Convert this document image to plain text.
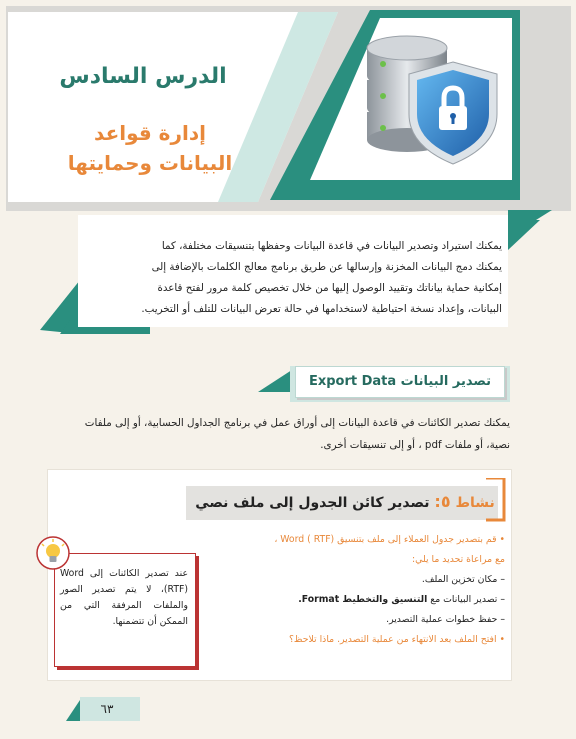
الدرس السادس
إدارة قواعد
البيانات وحمايتها
يمكنك استيراد وتصدير البيانات في قاعدة البيانات وحفظها بتنسيقات مختلفة، كما
يمكنك دمج البيانات المخزنة وإرسالها عن طريق برنامج معالج الكلمات بالإضافة إلى
إمكانية حماية بياناتك وتقييد الوصول إليها من خلال تخصيص كلمة مرور لفتح قاعدة
البيانات، وإعداد نسخة احتياطية لاستخدامها في حالة تعرض البيانات للتلف أو التخريب.
تصدير البيانات Export Data
يمكنك تصدير الكائنات في قاعدة البيانات إلى أوراق عمل في برنامج الجداول الحسابية، أو إلى ملفات
نصية، أو ملفات pdf ، أو إلى تنسيقات أخرى.
نشاط ٥: تصدير كائن الجدول إلى ملف نصي
• قم بتصدير جدول العملاء إلى ملف بتنسيق (RTF ) Word ،
مع مراعاة تحديد ما يلي:
– مكان تخزين الملف.
– تصدير البيانات مع التنسيق والتخطيط Format.
– حفظ خطوات عملية التصدير.
• افتح الملف بعد الانتهاء من عملية التصدير. ماذا تلاحظ؟
عند تصدير الكائنات إلى Word (RTF)، لا يتم تصدير الصور والملفات المرفقة التي من الممكن أن تتضمنها.
٦٣
